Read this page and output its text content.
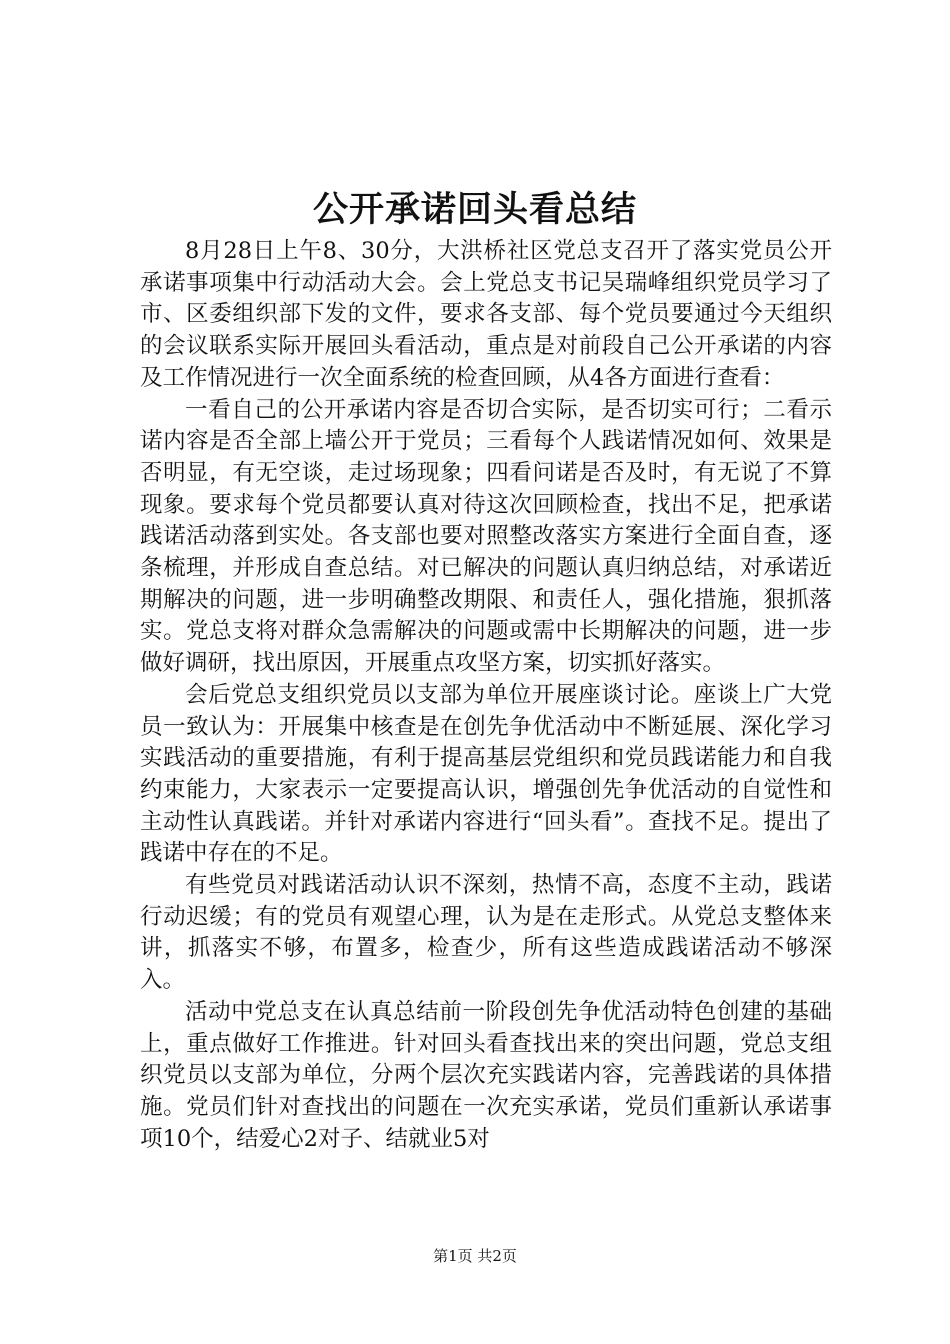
公开承诺回头看总结

8月28日上午8、30分，大洪桥社区党总支召开了落实党员公开承诺事项集中行动活动大会。会上党总支书记吴瑞峰组织党员学习了市、区委组织部下发的文件，要求各支部、每个党员要通过今天组织的会议联系实际开展回头看活动，重点是对前段自己公开承诺的内容及工作情况进行一次全面系统的检查回顾，从4各方面进行查看：

一看自己的公开承诺内容是否切合实际，是否切实可行；二看示诺内容是否全部上墙公开于党员；三看每个人践诺情况如何、效果是否明显，有无空谈，走过场现象；四看问诺是否及时，有无说了不算现象。要求每个党员都要认真对待这次回顾检查，找出不足，把承诺践诺活动落到实处。各支部也要对照整改落实方案进行全面自查，逐条梳理，并形成自查总结。对已解决的问题认真归纳总结，对承诺近期解决的问题，进一步明确整改期限、和责任人，强化措施，狠抓落实。党总支将对群众急需解决的问题或需中长期解决的问题，进一步做好调研，找出原因，开展重点攻坚方案，切实抓好落实。

会后党总支组织党员以支部为单位开展座谈讨论。座谈上广大党员一致认为：开展集中核查是在创先争优活动中不断延展、深化学习实践活动的重要措施，有利于提高基层党组织和党员践诺能力和自我约束能力，大家表示一定要提高认识，增强创先争优活动的自觉性和主动性认真践诺。并针对承诺内容进行“回头看”。查找不足。提出了践诺中存在的不足。

有些党员对践诺活动认识不深刻，热情不高，态度不主动，践诺行动迟缓；有的党员有观望心理，认为是在走形式。从党总支整体来讲，抓落实不够，布置多，检查少，所有这些造成践诺活动不够深入。

活动中党总支在认真总结前一阶段创先争优活动特色创建的基础上，重点做好工作推进。针对回头看查找出来的突出问题，党总支组织党员以支部为单位，分两个层次充实践诺内容，完善践诺的具体措施。党员们针对查找出的问题在一次充实承诺，党员们重新认承诺事项10个，结爱心2对子、结就业5对

第1页 共2页
